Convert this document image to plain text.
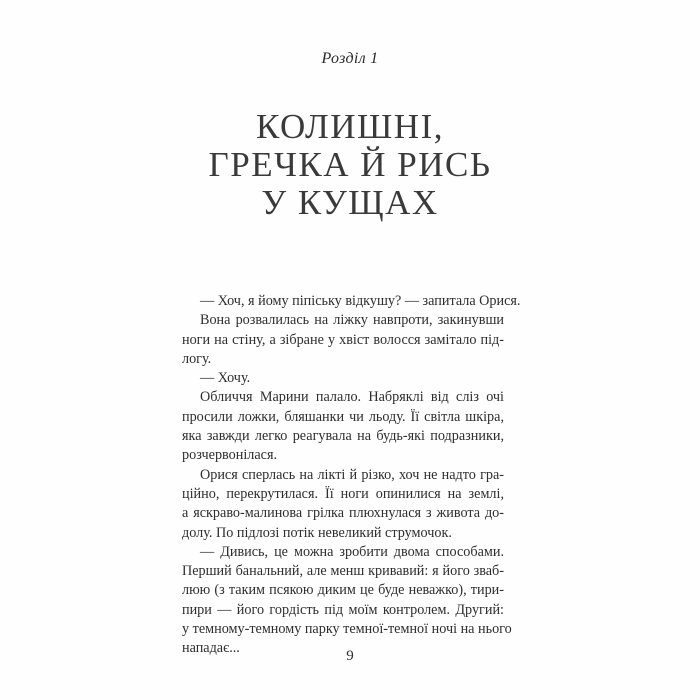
Розділ 1
КОЛИШНІ,
ГРЕЧКА Й РИСЬ
У КУЩАХ
— Хоч, я йому піпіську відкушу? — запитала Орися.
Вона розвалилась на ліжку навпроти, закинувши
ноги на стіну, а зібране у хвіст волосся замітало під-
логу.
— Хочу.
Обличчя Марини палало. Набряклі від сліз очі
просили ложки, бляшанки чи льоду. Її світла шкіра,
яка завжди легко реагувала на будь-які подразники,
розчервонілася.
Орися сперлась на лікті й різко, хоч не надто гра-
ційно, перекрутилася. Її ноги опинилися на землі,
а яскраво-малинова грілка плюхнулася з живота до-
долу. По підлозі потік невеликий струмочок.
— Дивись, це можна зробити двома способами.
Перший банальний, але менш кривавий: я його зваб-
люю (з таким псякою диким це буде неважко), тири-
пири — його гордість під моїм контролем. Другий:
у темному-темному парку темної-темної ночі на нього
нападає...	9
